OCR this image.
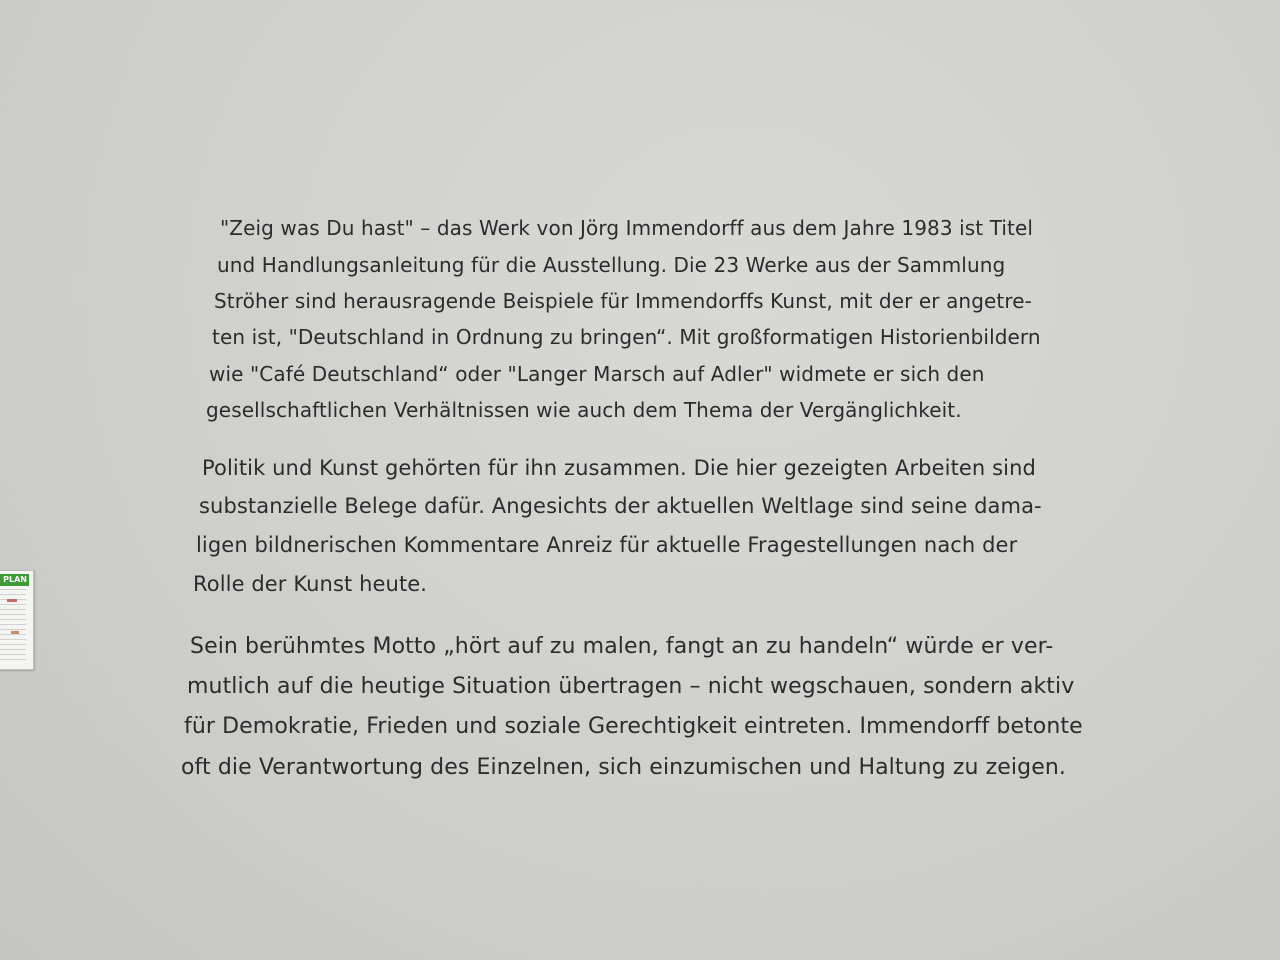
"Zeig was Du hast" – das Werk von Jörg Immendorff aus dem Jahre 1983 ist Titel

und Handlungsanleitung für die Ausstellung. Die 23 Werke aus der Sammlung

Ströher sind herausragende Beispiele für Immendorffs Kunst, mit der er angetre-

ten ist, "Deutschland in Ordnung zu bringen“. Mit großformatigen Historienbildern

wie "Café Deutschland“ oder "Langer Marsch auf Adler" widmete er sich den

gesellschaftlichen Verhältnissen wie auch dem Thema der Vergänglichkeit.

Politik und Kunst gehörten für ihn zusammen. Die hier gezeigten Arbeiten sind

substanzielle Belege dafür. Angesichts der aktuellen Weltlage sind seine dama-

ligen bildnerischen Kommentare Anreiz für aktuelle Fragestellungen nach der

Rolle der Kunst heute.

Sein berühmtes Motto „hört auf zu malen, fangt an zu handeln“ würde er ver-

mutlich auf die heutige Situation übertragen – nicht wegschauen, sondern aktiv

für Demokratie, Frieden und soziale Gerechtigkeit eintreten. Immendorff betonte

oft die Verantwortung des Einzelnen, sich einzumischen und Haltung zu zeigen.

PLAN
